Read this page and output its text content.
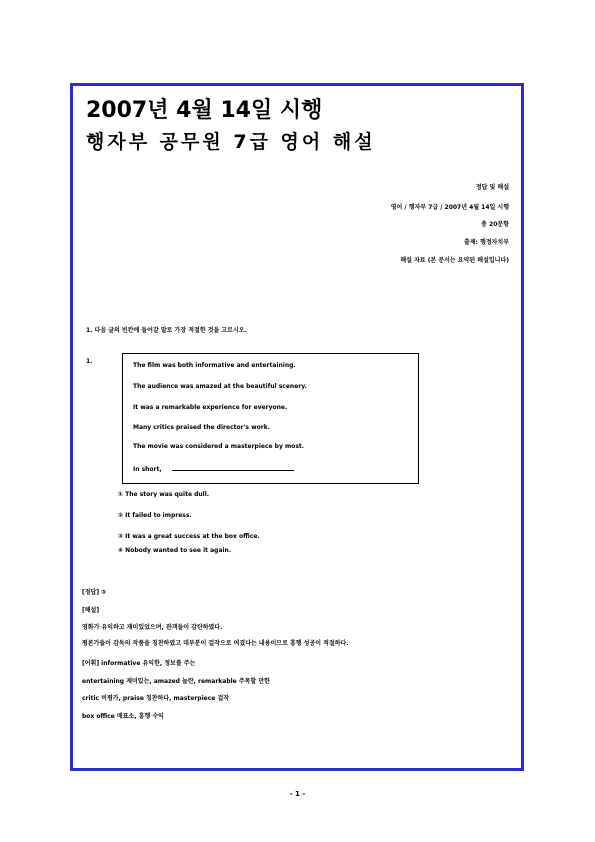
2007년 4월 14일 시행
행자부 공무원 7급 영어 해설
정답 및 해설
영어 / 행자부 7급 / 2007년 4월 14일 시행
총 20문항
출제: 행정자치부
해설 자료 (본 문서는 요약된 해설입니다)
1. 다음 글의 빈칸에 들어갈 말로 가장 적절한 것을 고르시오.
1.
The film was both informative and entertaining.
The audience was amazed at the beautiful scenery.
It was a remarkable experience for everyone.
Many critics praised the director's work.
The movie was considered a masterpiece by most.
In short,
① The story was quite dull.
② It failed to impress.
③ It was a great success at the box office.
④ Nobody wanted to see it again.
[정답] ③
[해설]
영화가 유익하고 재미있었으며, 관객들이 감탄하였다.
평론가들이 감독의 작품을 칭찬하였고 대부분이 걸작으로 여겼다는 내용이므로 흥행 성공이 적절하다.
[어휘] informative 유익한, 정보를 주는
entertaining 재미있는, amazed 놀란, remarkable 주목할 만한
critic 비평가, praise 칭찬하다, masterpiece 걸작
box office 매표소, 흥행 수익
- 1 -
